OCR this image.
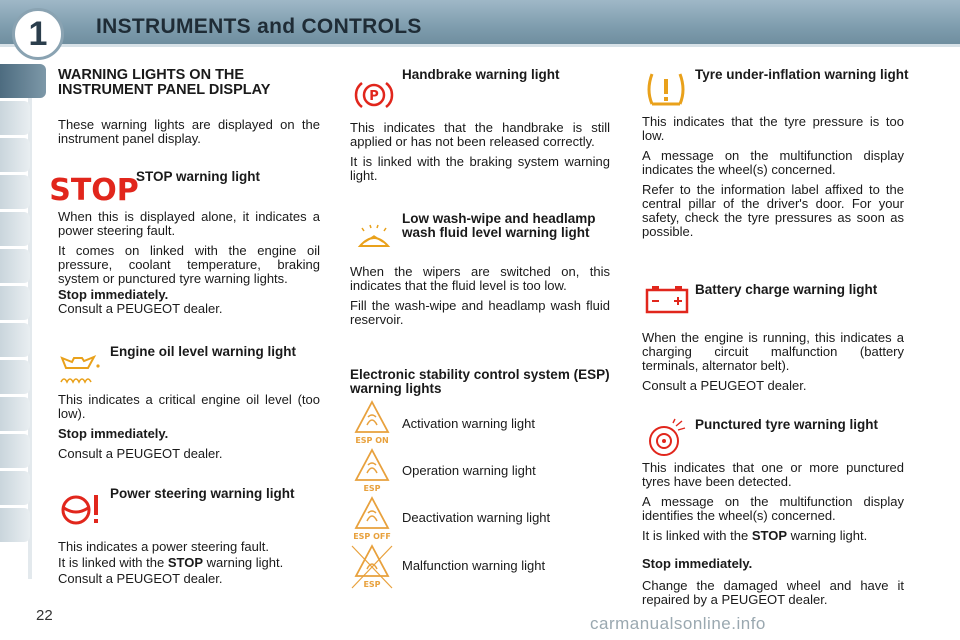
1	INSTRUMENTS and CONTROLS
WARNING LIGHTS ON THE INSTRUMENT PANEL DISPLAY

These warning lights are displayed on the instrument panel display.

STOP
STOP warning light

When this is displayed alone, it indicates a power steering fault.

It comes on linked with the engine oil pressure, coolant temperature, braking system or punctured tyre warning lights.

Stop immediately.

Consult a PEUGEOT dealer.

Engine oil level warning light

This indicates a critical engine oil level (too low).

Stop immediately.

Consult a PEUGEOT dealer.

Power steering warning light

This indicates a power steering fault.

It is linked with the STOP warning light.

Consult a PEUGEOT dealer.

P
Handbrake warning light

This indicates that the handbrake is still applied or has not been released correctly.

It is linked with the braking system warning light.

Low wash-wipe and headlamp wash fluid level warning light

When the wipers are switched on, this indicates that the fluid level is too low.

Fill the wash-wipe and headlamp wash fluid reservoir.

Electronic stability control system (ESP) warning lights
ESP ON
Activation warning light
ESP
Operation warning light
ESP OFF
Deactivation warning light
ESP
Malfunction warning light
Tyre under-inflation warning light

This indicates that the tyre pressure is too low.

A message on the multifunction display indicates the wheel(s) concerned.

Refer to the information label affixed to the central pillar of the driver's door. For your safety, check the tyre pressures as soon as possible.

Battery charge warning light

When the engine is running, this indicates a charging circuit malfunction (battery terminals, alternator belt).

Consult a PEUGEOT dealer.

Punctured tyre warning light

This indicates that one or more punctured tyres have been detected.

A message on the multifunction display identifies the wheel(s) concerned.

It is linked with the STOP warning light.

Stop immediately.

Change the damaged wheel and have it repaired by a PEUGEOT dealer.

22	carmanualsonline.info
